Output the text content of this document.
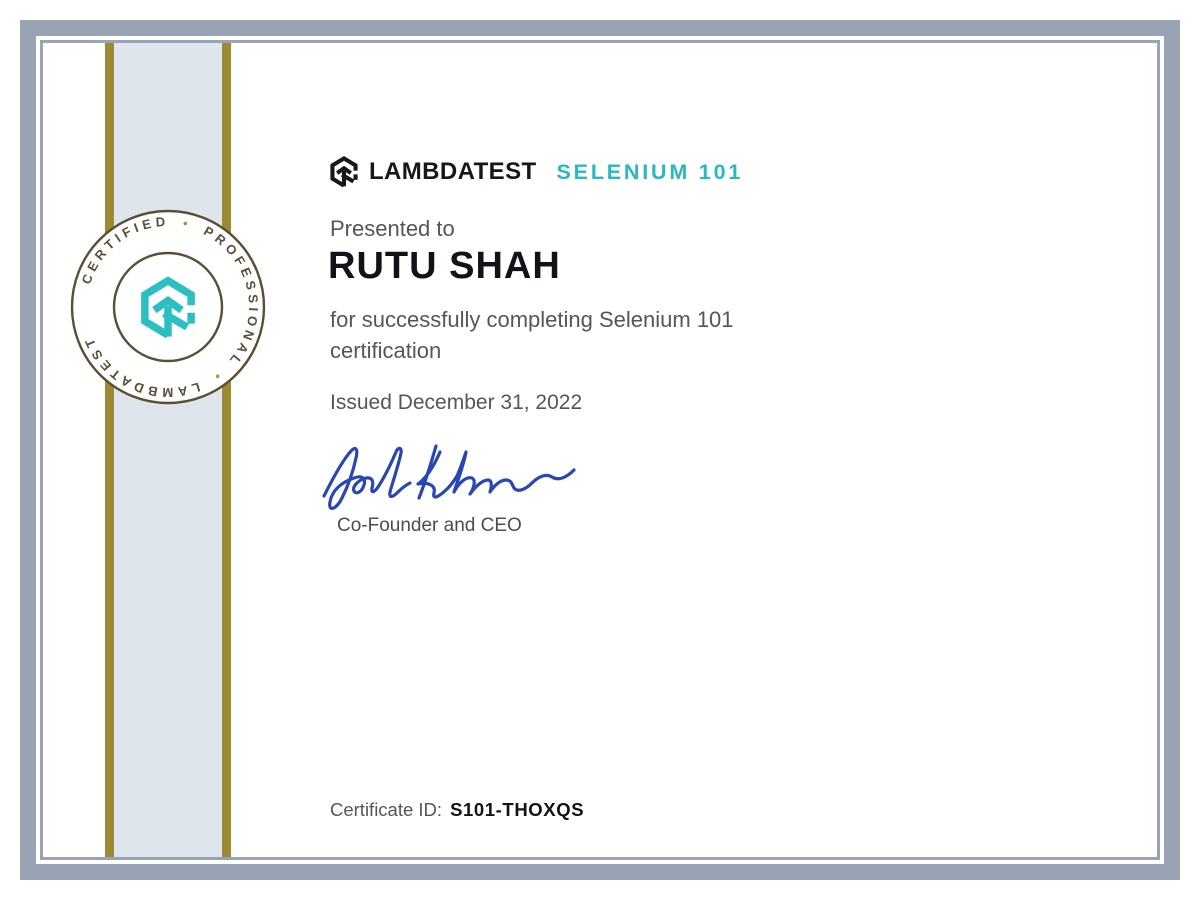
CERTIFIED • PROFESSIONAL • LAMBDATEST
LAMBDATEST SELENIUM 101
Presented to
RUTU SHAH
for successfully completing Selenium 101 certification
Issued December 31, 2022
Co-Founder and CEO
Certificate ID: S101-THOXQS
